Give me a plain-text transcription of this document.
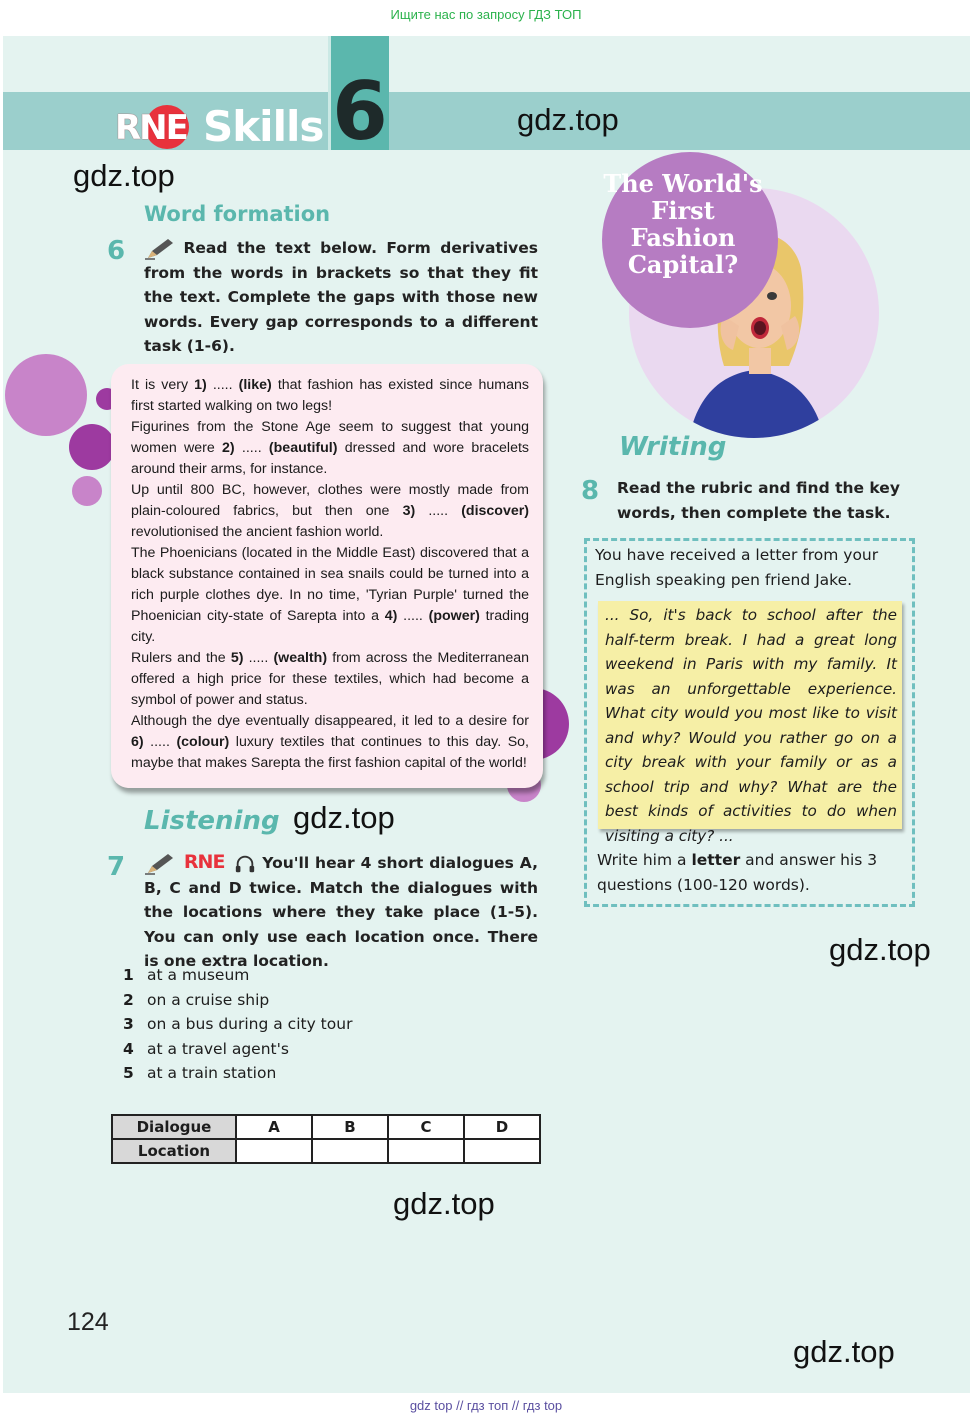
Ищите нас по запросу ГДЗ ТОП
RNE Skills 6	gdz.top
gdz.top
Word formation
6	Read the text below. Form derivatives from the words in brackets so that they fit the text. Complete the gaps with those new words. Every gap corresponds to a different task (1-6).

It is very 1) ..... (like) that fashion has existed since humans first started walking on two legs!

Figurines from the Stone Age seem to suggest that young women were 2) ..... (beautiful) dressed and wore bracelets around their arms, for instance.

Up until 800 BC, however, clothes were mostly made from plain-coloured fabrics, but then one 3) ..... (discover) revolutionised the ancient fashion world.

The Phoenicians (located in the Middle East) discovered that a black substance contained in sea snails could be turned into a rich purple clothes dye. In no time, 'Tyrian Purple' turned the Phoenician city-state of Sarepta into a 4) ..... (power) trading city.

Rulers and the 5) ..... (wealth) from across the Mediterranean offered a high price for these textiles, which had become a symbol of power and status.

Although the dye eventually disappeared, it led to a desire for 6) ..... (colour) luxury textiles that continues to this day. So, maybe that makes Sarepta the first fashion capital of the world!

Listening gdz.top
7	RNE You'll hear 4 short dialogues A, B, C and D twice. Match the dialogues with the locations where they take place (1-5). You can only use each location once. There is one extra location.
1 at a museum
2 on a cruise ship
3 on a bus during a city tour
4 at a travel agent's
5 at a train station
Dialogue	A	B	C	D
Location				
gdz.top
124
The World's First Fashion Capital?
Writing
8 Read the rubric and find the key words, then complete the task.
You have received a letter from your English speaking pen friend Jake.

... So, it's back to school after the half-term break. I had a great long weekend in Paris with my family. It was an unforgettable experience. What city would you most like to visit and why? Would you rather go on a city break with your family or as a school trip and why? What are the best kinds of activities to do when visiting a city? ...

Write him a letter and answer his 3 questions (100-120 words).
gdz.top
gdz.top
gdz top // гдз топ // гдз top
